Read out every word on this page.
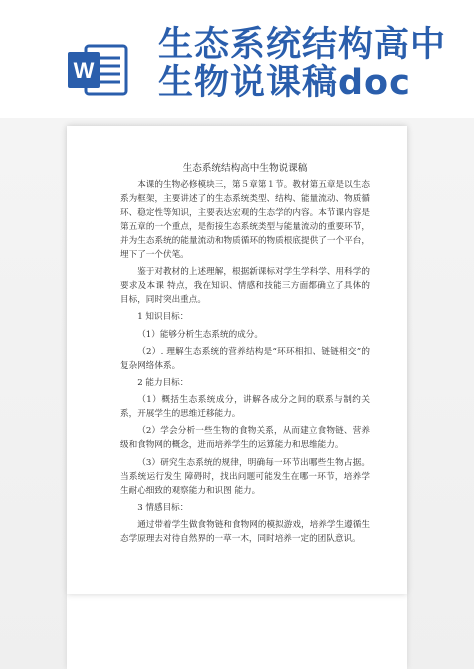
W
生态系统结构高中
生物说课稿doc
生态系统结构高中生物说课稿

本课的生物必修模块三，第５章第１节。教材第五章是以生态系为框架，主要讲述了的生态系统类型、结构、能量流动、物质循环、稳定性等知识，主要表达宏观的生态学的内容。本节课内容是第五章的一个重点，是衔接生态系统类型与能量流动的重要环节，并为生态系统的能量流动和物质循环的物质根底提供了一个平台，埋下了一个伏笔。

鉴于对教材的上述理解，根据新课标对学生学科学、用科学的要求及本课 特点，我在知识、情感和技能三方面都确立了具体的目标，同时突出重点。

1 知识目标：

（1）能够分析生态系统的成分。

（2）. 理解生态系统的营养结构是“环环相扣、链链相交”的复杂网络体系。

2 能力目标：

（1）概括生态系统成分，讲解各成分之间的联系与制约关系，开展学生的思维迁移能力。

（2）学会分析一些生物的食物关系，从而建立食物链、营养级和食物网的概念，进而培养学生的运算能力和思维能力。

（3）研究生态系统的规律，明确每一环节出哪些生物占据。 当系统运行发生 障碍时，找出问题可能发生在哪一环节，培养学生耐心细致的观察能力和识图 能力。

3 情感目标：

通过带着学生做食物链和食物网的模拟游戏，培养学生遵循生态学原理去对待自然界的一草一木，同时培养一定的团队意识。
